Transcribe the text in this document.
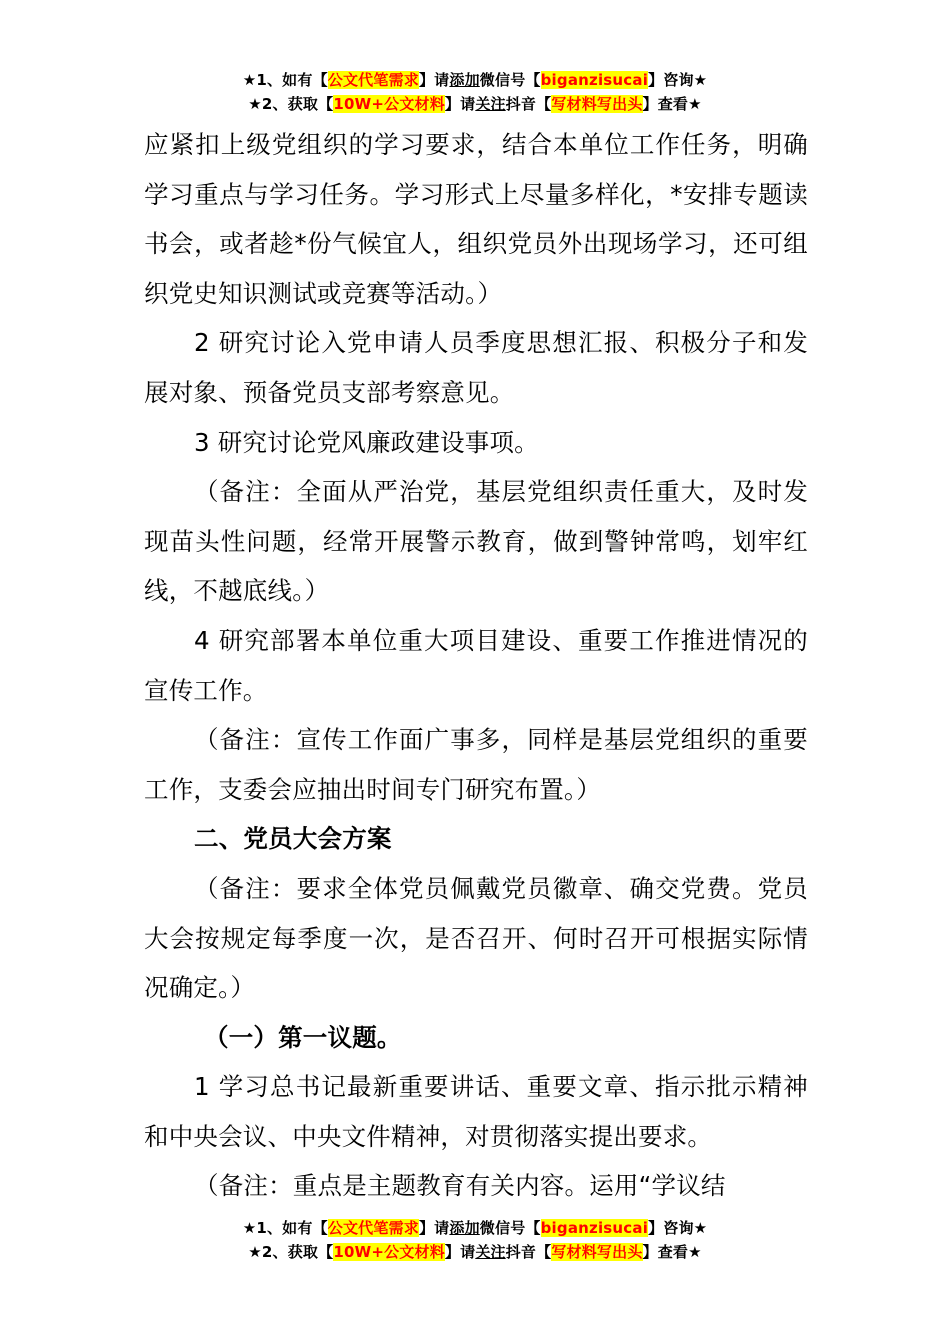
★1、如有【公文代笔需求】请添加微信号【biganzisucai】咨询★
★2、获取【10W+公文材料】请关注抖音【写材料写出头】查看★

应紧扣上级党组织的学习要求，结合本单位工作任务，明确学习重点与学习任务。学习形式上尽量多样化，*安排专题读书会，或者趁*份气候宜人，组织党员外出现场学习，还可组织党史知识测试或竞赛等活动。）

2 研究讨论入党申请人员季度思想汇报、积极分子和发展对象、预备党员支部考察意见。

3 研究讨论党风廉政建设事项。

（备注：全面从严治党，基层党组织责任重大，及时发现苗头性问题，经常开展警示教育，做到警钟常鸣，划牢红线，不越底线。）

4 研究部署本单位重大项目建设、重要工作推进情况的宣传工作。

（备注：宣传工作面广事多，同样是基层党组织的重要工作，支委会应抽出时间专门研究布置。）

二、党员大会方案

（备注：要求全体党员佩戴党员徽章、确交党费。党员大会按规定每季度一次，是否召开、何时召开可根据实际情况确定。）

（一）第一议题。

1 学习总书记最新重要讲话、重要文章、指示批示精神和中央会议、中央文件精神，对贯彻落实提出要求。

（备注：重点是主题教育有关内容。运用“学议结

★1、如有【公文代笔需求】请添加微信号【biganzisucai】咨询★
★2、获取【10W+公文材料】请关注抖音【写材料写出头】查看★
